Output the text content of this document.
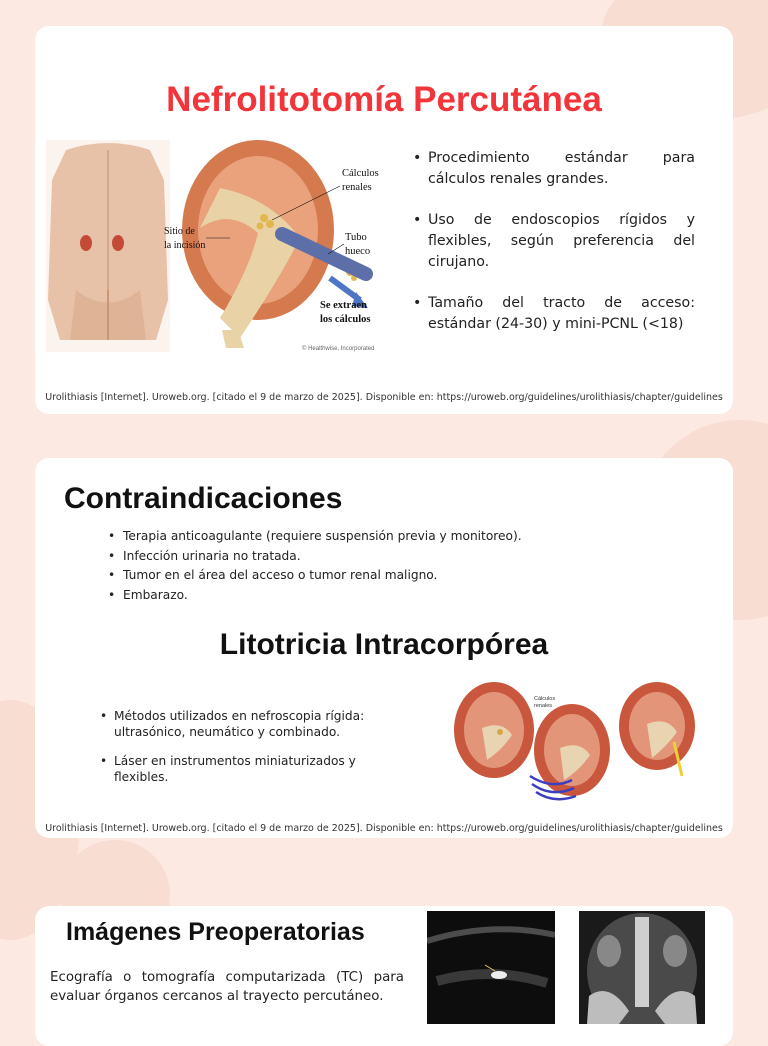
Nefrolitotomía Percutánea
Sitio de
la incisión
Cálculos
renales
Tubo
hueco
Se extraen
los cálculos
© Healthwise, Incorporated
• Procedimiento estándar para cálculos renales grandes.
• Uso de endoscopios rígidos y flexibles, según preferencia del cirujano.
• Tamaño del tracto de acceso: estándar (24-30) y mini-PCNL (<18)
Urolithiasis [Internet]. Uroweb.org. [citado el 9 de marzo de 2025]. Disponible en: https://uroweb.org/guidelines/urolithiasis/chapter/guidelines
Contraindicaciones
• Terapia anticoagulante (requiere suspensión previa y monitoreo).
• Infección urinaria no tratada.
• Tumor en el área del acceso o tumor renal maligno.
• Embarazo.
Litotricia Intracorpórea
• Métodos utilizados en nefroscopia rígida: ultrasónico, neumático y combinado.
• Láser en instrumentos miniaturizados y flexibles.
Cálculos
renales
Urolithiasis [Internet]. Uroweb.org. [citado el 9 de marzo de 2025]. Disponible en: https://uroweb.org/guidelines/urolithiasis/chapter/guidelines
Imágenes Preoperatorias

Ecografía o tomografía computarizada (TC) para evaluar órganos cercanos al trayecto percutáneo.
